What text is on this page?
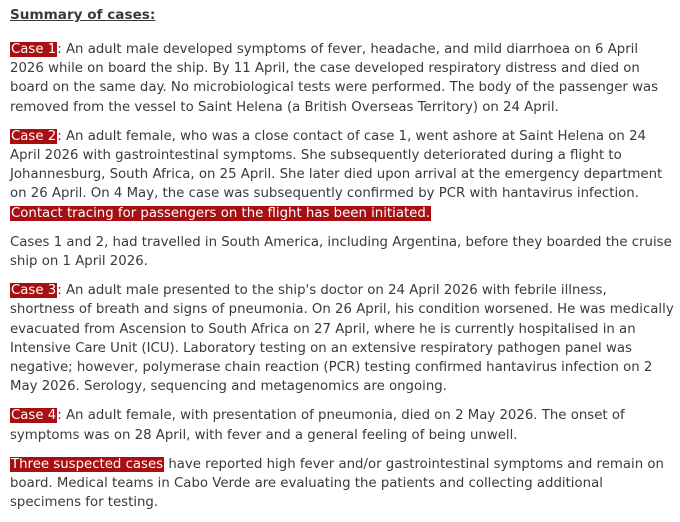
Summary of cases:

Case 1: An adult male developed symptoms of fever, headache, and mild diarrhoea on 6 April 2026 while on board the ship. By 11 April, the case developed respiratory distress and died on board on the same day. No microbiological tests were performed. The body of the passenger was removed from the vessel to Saint Helena (a British Overseas Territory) on 24 April.

Case 2: An adult female, who was a close contact of case 1, went ashore at Saint Helena on 24 April 2026 with gastrointestinal symptoms. She subsequently deteriorated during a flight to Johannesburg, South Africa, on 25 April. She later died upon arrival at the emergency department on 26 April. On 4 May, the case was subsequently confirmed by PCR with hantavirus infection. Contact tracing for passengers on the flight has been initiated.

Cases 1 and 2, had travelled in South America, including Argentina, before they boarded the cruise ship on 1 April 2026.

Case 3: An adult male presented to the ship's doctor on 24 April 2026 with febrile illness, shortness of breath and signs of pneumonia. On 26 April, his condition worsened. He was medically evacuated from Ascension to South Africa on 27 April, where he is currently hospitalised in an Intensive Care Unit (ICU). Laboratory testing on an extensive respiratory pathogen panel was negative; however, polymerase chain reaction (PCR) testing confirmed hantavirus infection on 2 May 2026. Serology, sequencing and metagenomics are ongoing.

Case 4: An adult female, with presentation of pneumonia, died on 2 May 2026. The onset of symptoms was on 28 April, with fever and a general feeling of being unwell.

Three suspected cases have reported high fever and/or gastrointestinal symptoms and remain on board. Medical teams in Cabo Verde are evaluating the patients and collecting additional specimens for testing.
